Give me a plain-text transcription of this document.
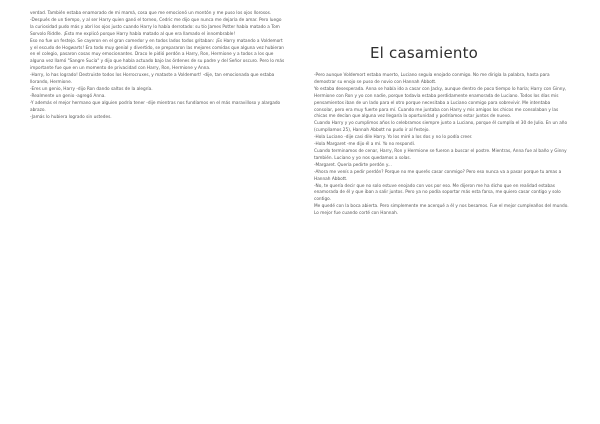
verdad. También estaba enamorado de mi mamá, cosa que me emocionó un montón y me puso los ojos llorosos.

-Después de un tiempo, y al ser Harry quien ganó el torneo, Cedric me dijo que nunca me dejaría de amar. Pero luego la curiosidad pudo más y abrí los ojos justo cuando Harry lo había derrotado: su tío James Potter había matado a Tom Sorvolo Riddle. ¡Esto me explicó porque Harry había matado al que era llamado el innombrable!

Eso no fue un festejo. Se cayeron en el gran comedor y en todos lados todos gritaban: ¡Es Harry matando a Voldemort y el escudo de Hogwarts! Era todo muy genial y divertido, se prepararon las mejores comidas que alguna vez hubieran en el colegio, pasaron cosas muy emocionantes. Draco le pidió perdón a Harry, Ron, Hermione y a todos a los que alguna vez llamó "Sangre Sucia" y dijo que había actuado bajo las órdenes de su padre y del Señor oscuro. Pero lo más importante fue que en un momento de privacidad con Harry, Ron, Hermione y Anna.

-Harry, lo has logrado! Destruiste todos los Horrocruxes, y mataste a Voldemort! -dije, tan emocionada que estaba llorando, Hermione.

-Eres un genio, Harry -dijo Ron dando saltos de la alegría.

-Realmente un genio -agregó Anna.

-Y además el mejor hermano que alguien podría tener -dije mientras nos fundíamos en el más maravilloso y alargado abrazo.

-Jamás lo hubiera logrado sin ustedes.

El casamiento

-Pero aunque Voldemort estaba muerto, Luciano seguía enojado conmigo. No me dirigía la palabra, hasta para demostrar su enojo se puso de novio con Hannah Abbott.

Yo estaba desesperada. Anna se había ido a casar con Jacky, aunque dentro de poco tiempo lo haría; Harry con Ginny, Hermione con Ron y yo con nadie, porque todavía estaba perdidamente enamorada de Luciano. Todos los días mis pensamientos iban de un lado para el otro porque necesitaba a Luciano conmigo para sobrevivir. Me intentaba consolar, pero era muy fuerte para mí. Cuando me juntaba con Harry y mis amigos los chicos me consolaban y las chicas me decían que alguna vez llegaría la oportunidad y podríamos estar juntos de nuevo.

Cuando Harry y yo cumplimos años lo celebramos siempre junto a Luciano, porque él cumplía el 30 de Julio. En un año (cumplíamos 25), Hannah Abbott no pudo ir al festejo.

-Hola Luciano -dije casi dile Harry. Yo los miré a los dos y no lo podía creer.

-Hola Margaret -me dijo él a mí. Yo no respondí.

Cuando terminamos de cenar, Harry, Ron y Hermione se fueron a buscar el postre. Mientras, Anna fue al baño y Ginny también. Luciano y yo nos quedamos a solas.

-Margaret. Quería pedirte perdón y...

-Ahora me venís a pedir perdón? Porque no me querés casar conmigo? Pero eso nunca va a pasar porque tu amas a Hannah Abbott.

-No, te quería decir que no solo estuve enojado con vos por eso. Me dijeron me ha dicho que en realidad estabas enamorada de él y que iban a salir juntos. Pero ya no podía soportar más esta farsa, me quiero casar contigo y solo contigo.

Me quedé con la boca abierta. Pero simplemente me acerqué a él y nos besamos. Fue el mejor cumpleaños del mundo. Lo mejor fue cuando corté con Hannah.
